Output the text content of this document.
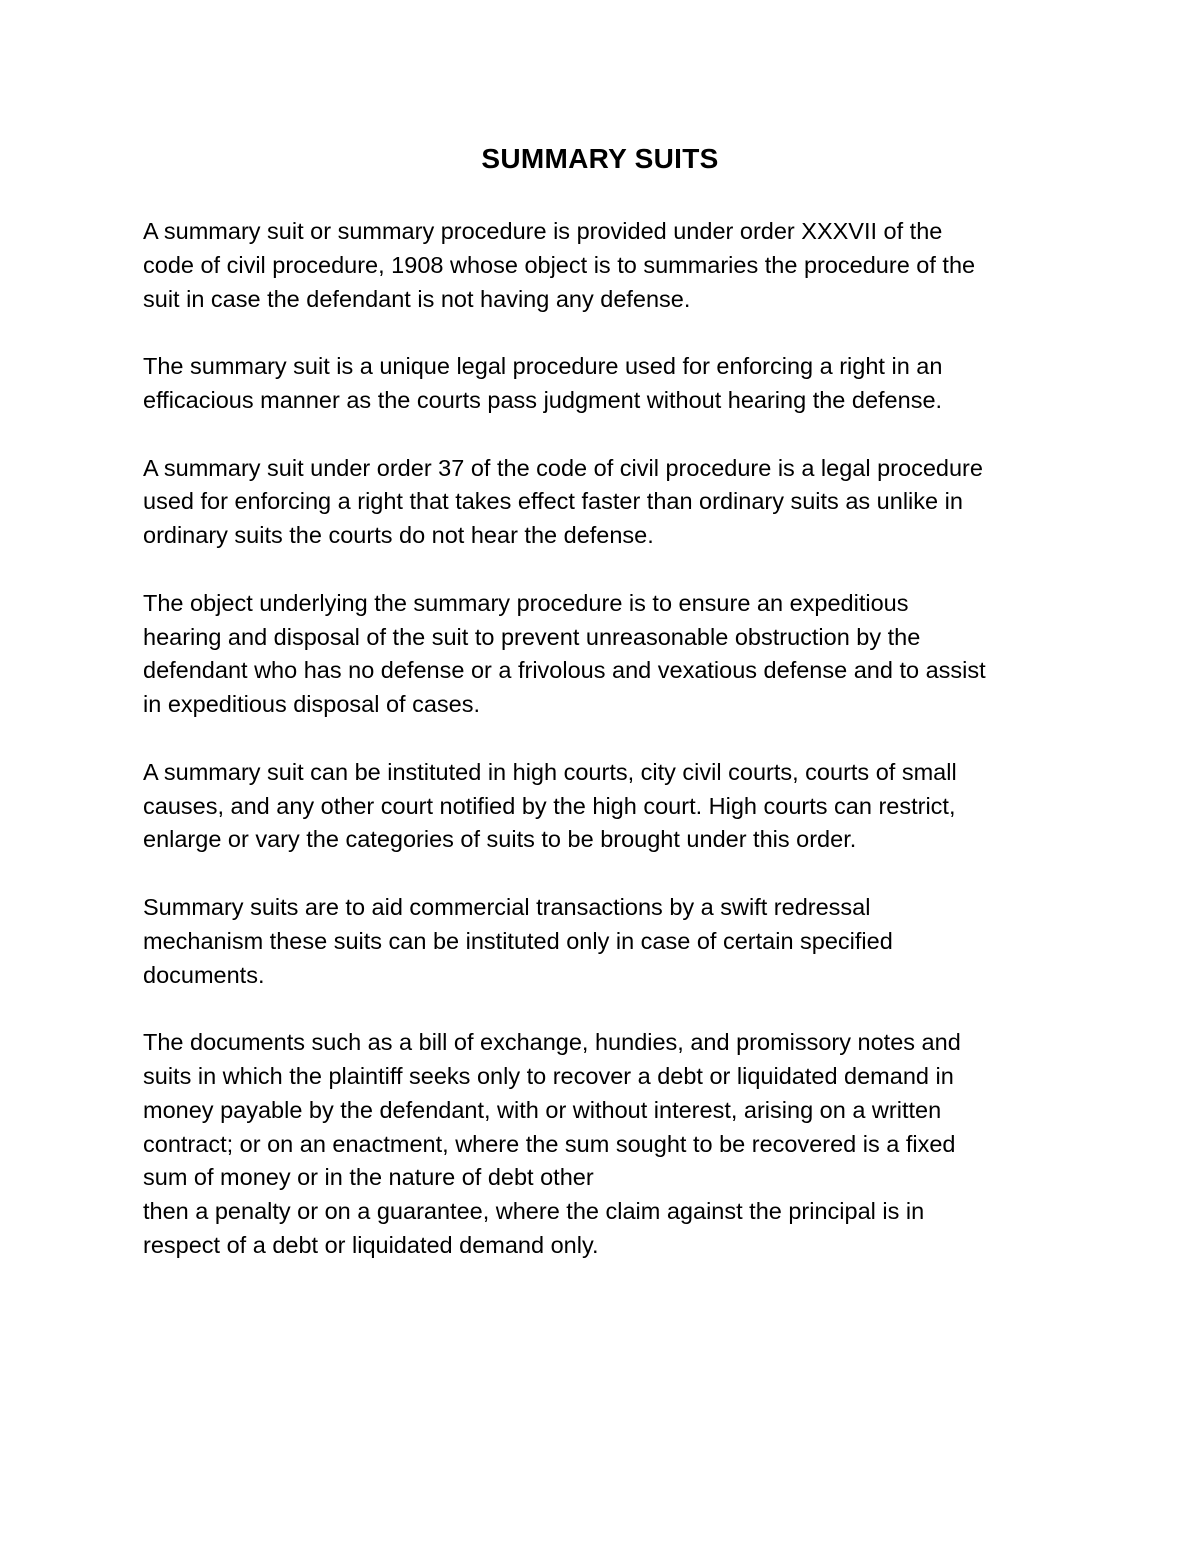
SUMMARY SUITS

A summary suit or summary procedure is provided under order XXXVII of the
code of civil procedure, 1908 whose object is to summaries the procedure of the
suit in case the defendant is not having any defense.

The summary suit is a unique legal procedure used for enforcing a right in an
efficacious manner as the courts pass judgment without hearing the defense.

A summary suit under order 37 of the code of civil procedure is a legal procedure
used for enforcing a right that takes effect faster than ordinary suits as unlike in
ordinary suits the courts do not hear the defense.

The object underlying the summary procedure is to ensure an expeditious
hearing and disposal of the suit to prevent unreasonable obstruction by the
defendant who has no defense or a frivolous and vexatious defense and to assist
in expeditious disposal of cases.

A summary suit can be instituted in high courts, city civil courts, courts of small
causes, and any other court notified by the high court. High courts can restrict,
enlarge or vary the categories of suits to be brought under this order.

Summary suits are to aid commercial transactions by a swift redressal
mechanism these suits can be instituted only in case of certain specified
documents.

The documents such as a bill of exchange, hundies, and promissory notes and
suits in which the plaintiff seeks only to recover a debt or liquidated demand in
money payable by the defendant, with or without interest, arising on a written
contract; or on an enactment, where the sum sought to be recovered is a fixed
sum of money or in the nature of debt other
then a penalty or on a guarantee, where the claim against the principal is in
respect of a debt or liquidated demand only.
